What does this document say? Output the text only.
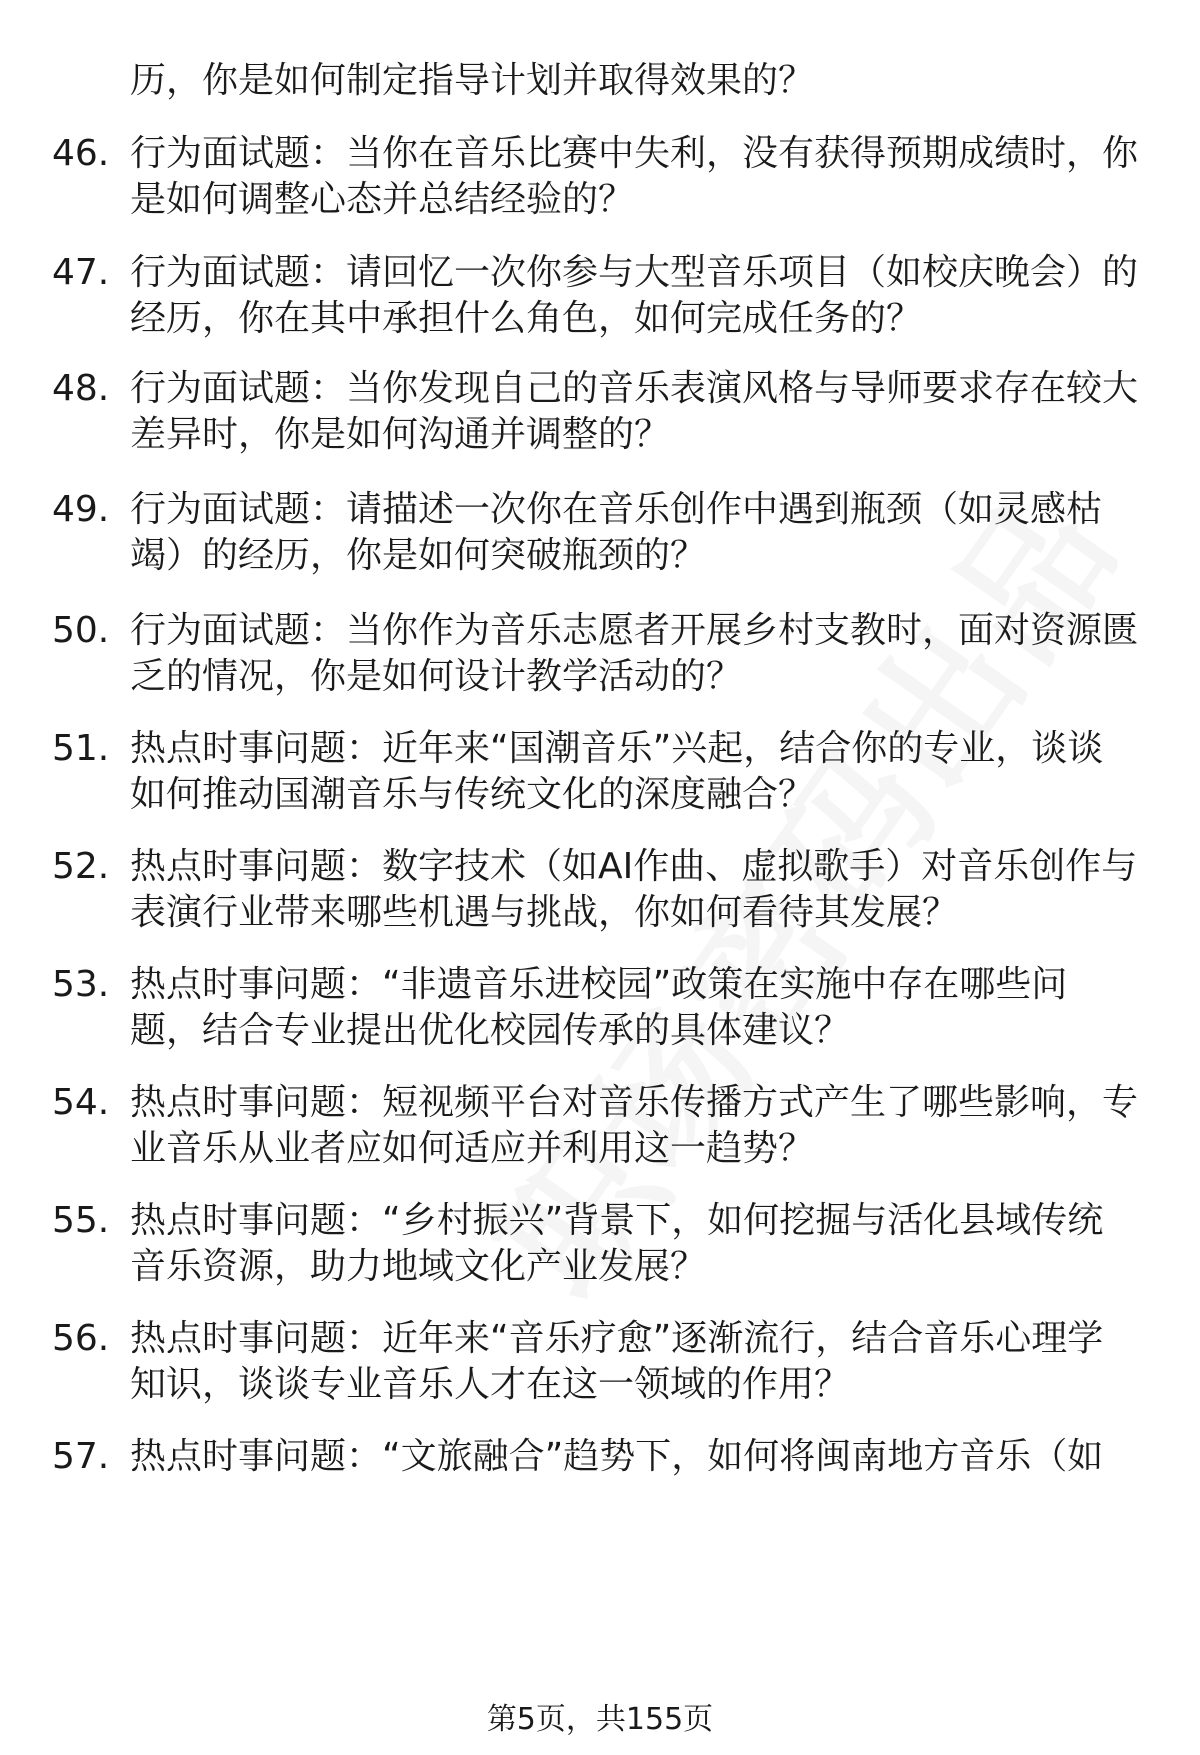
历，你是如何制定指导计划并取得效果的？
46. 行为面试题：当你在音乐比赛中失利，没有获得预期成绩时，你
是如何调整心态并总结经验的？
47. 行为面试题：请回忆一次你参与大型音乐项目（如校庆晚会）的
经历，你在其中承担什么角色，如何完成任务的？
48. 行为面试题：当你发现自己的音乐表演风格与导师要求存在较大
差异时，你是如何沟通并调整的？
49. 行为面试题：请描述一次你在音乐创作中遇到瓶颈（如灵感枯
竭）的经历，你是如何突破瓶颈的？
50. 行为面试题：当你作为音乐志愿者开展乡村支教时，面对资源匮
乏的情况，你是如何设计教学活动的？
51. 热点时事问题：近年来“国潮音乐”兴起，结合你的专业，谈谈
如何推动国潮音乐与传统文化的深度融合？
52. 热点时事问题：数字技术（如AI作曲、虚拟歌手）对音乐创作与
表演行业带来哪些机遇与挑战，你如何看待其发展？
53. 热点时事问题：“非遗音乐进校园”政策在实施中存在哪些问
题，结合专业提出优化校园传承的具体建议？
54. 热点时事问题：短视频平台对音乐传播方式产生了哪些影响，专
业音乐从业者应如何适应并利用这一趋势？
55. 热点时事问题：“乡村振兴”背景下，如何挖掘与活化县域传统
音乐资源，助力地域文化产业发展？
56. 热点时事问题：近年来“音乐疗愈”逐渐流行，结合音乐心理学
知识，谈谈专业音乐人才在这一领域的作用？
57. 热点时事问题：“文旅融合”趋势下，如何将闽南地方音乐（如
第5页，共155页
